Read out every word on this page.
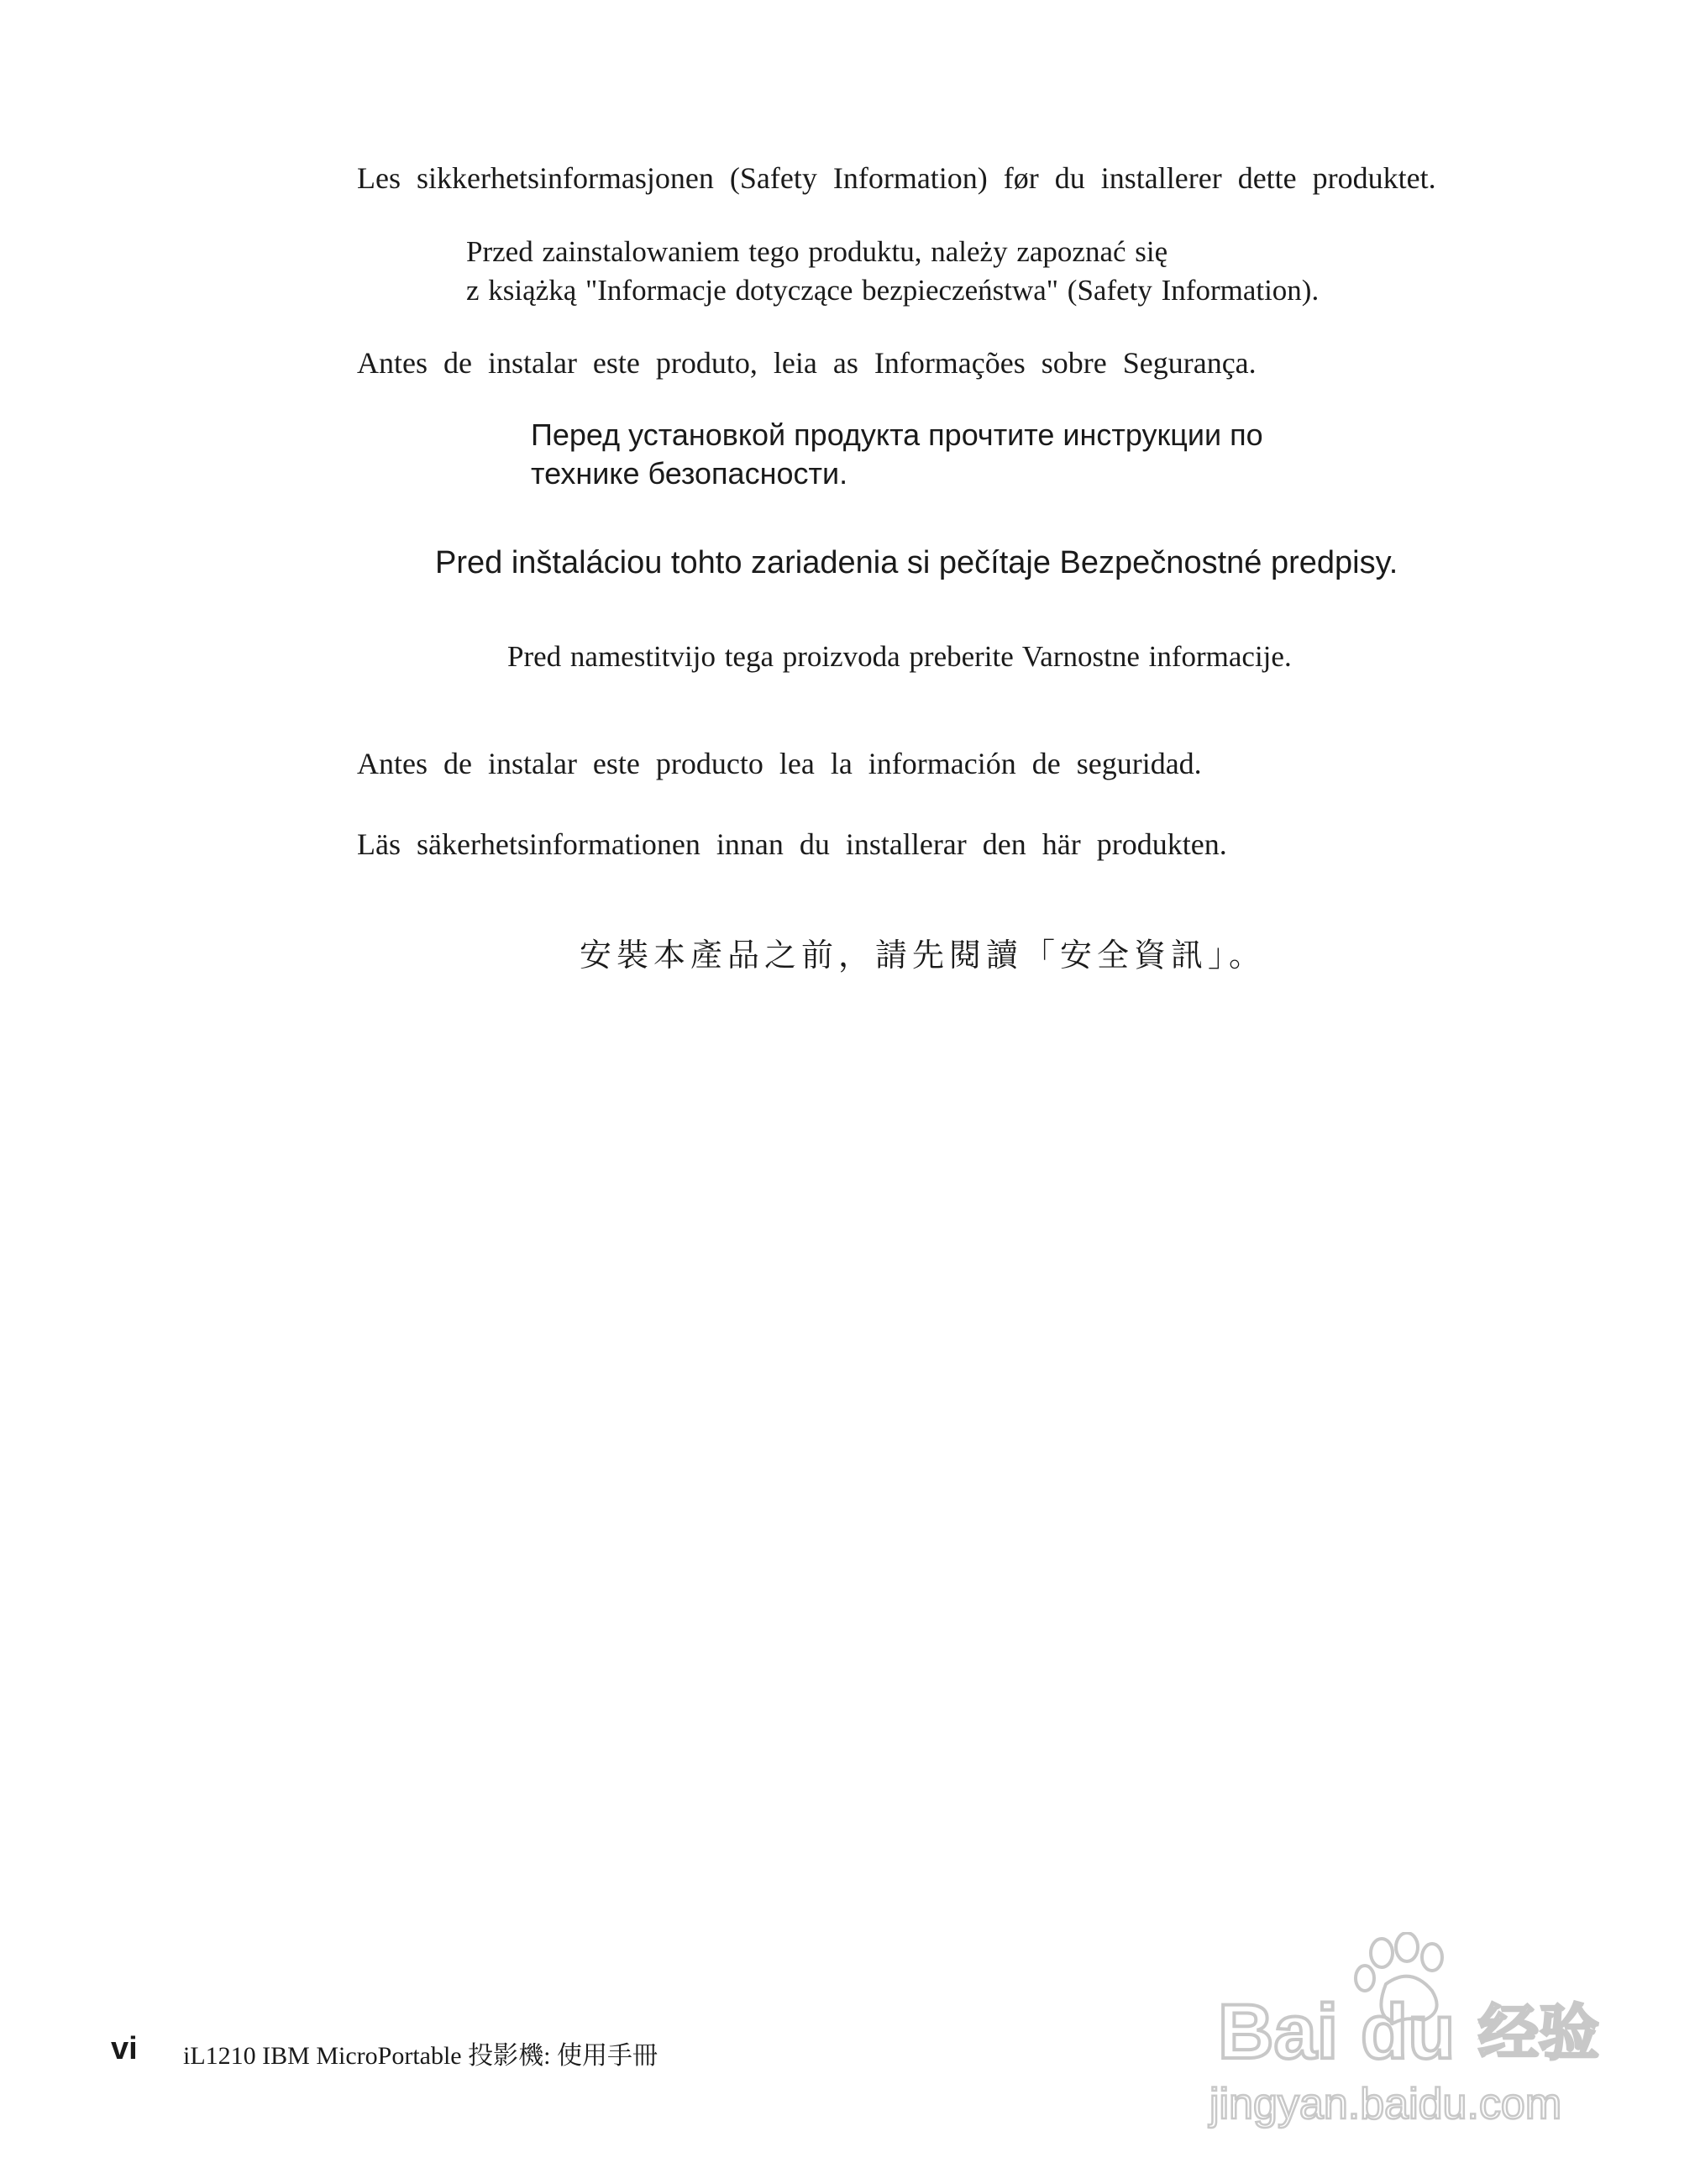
Les sikkerhetsinformasjonen (Safety Information) før du installerer dette produktet.
Przed zainstalowaniem tego produktu, należy zapoznać się
z książką "Informacje dotyczące bezpieczeństwa" (Safety Information).
Antes de instalar este produto, leia as Informações sobre Segurança.
Перед установкой продукта прочтите инструкции по
технике безопасности.
Pred inštaláciou tohto zariadenia si pečítaje Bezpečnostné predpisy.
Pred namestitvijo tega proizvoda preberite Varnostne informacije.
Antes de instalar este producto lea la información de seguridad.
Läs säkerhetsinformationen innan du installerar den här produkten.
安裝本產品之前，請先閱讀「安全資訊」。
vi iL1210 IBM MicroPortable 投影機: 使用手冊	Bai du 经验
jingyan.baidu.com
